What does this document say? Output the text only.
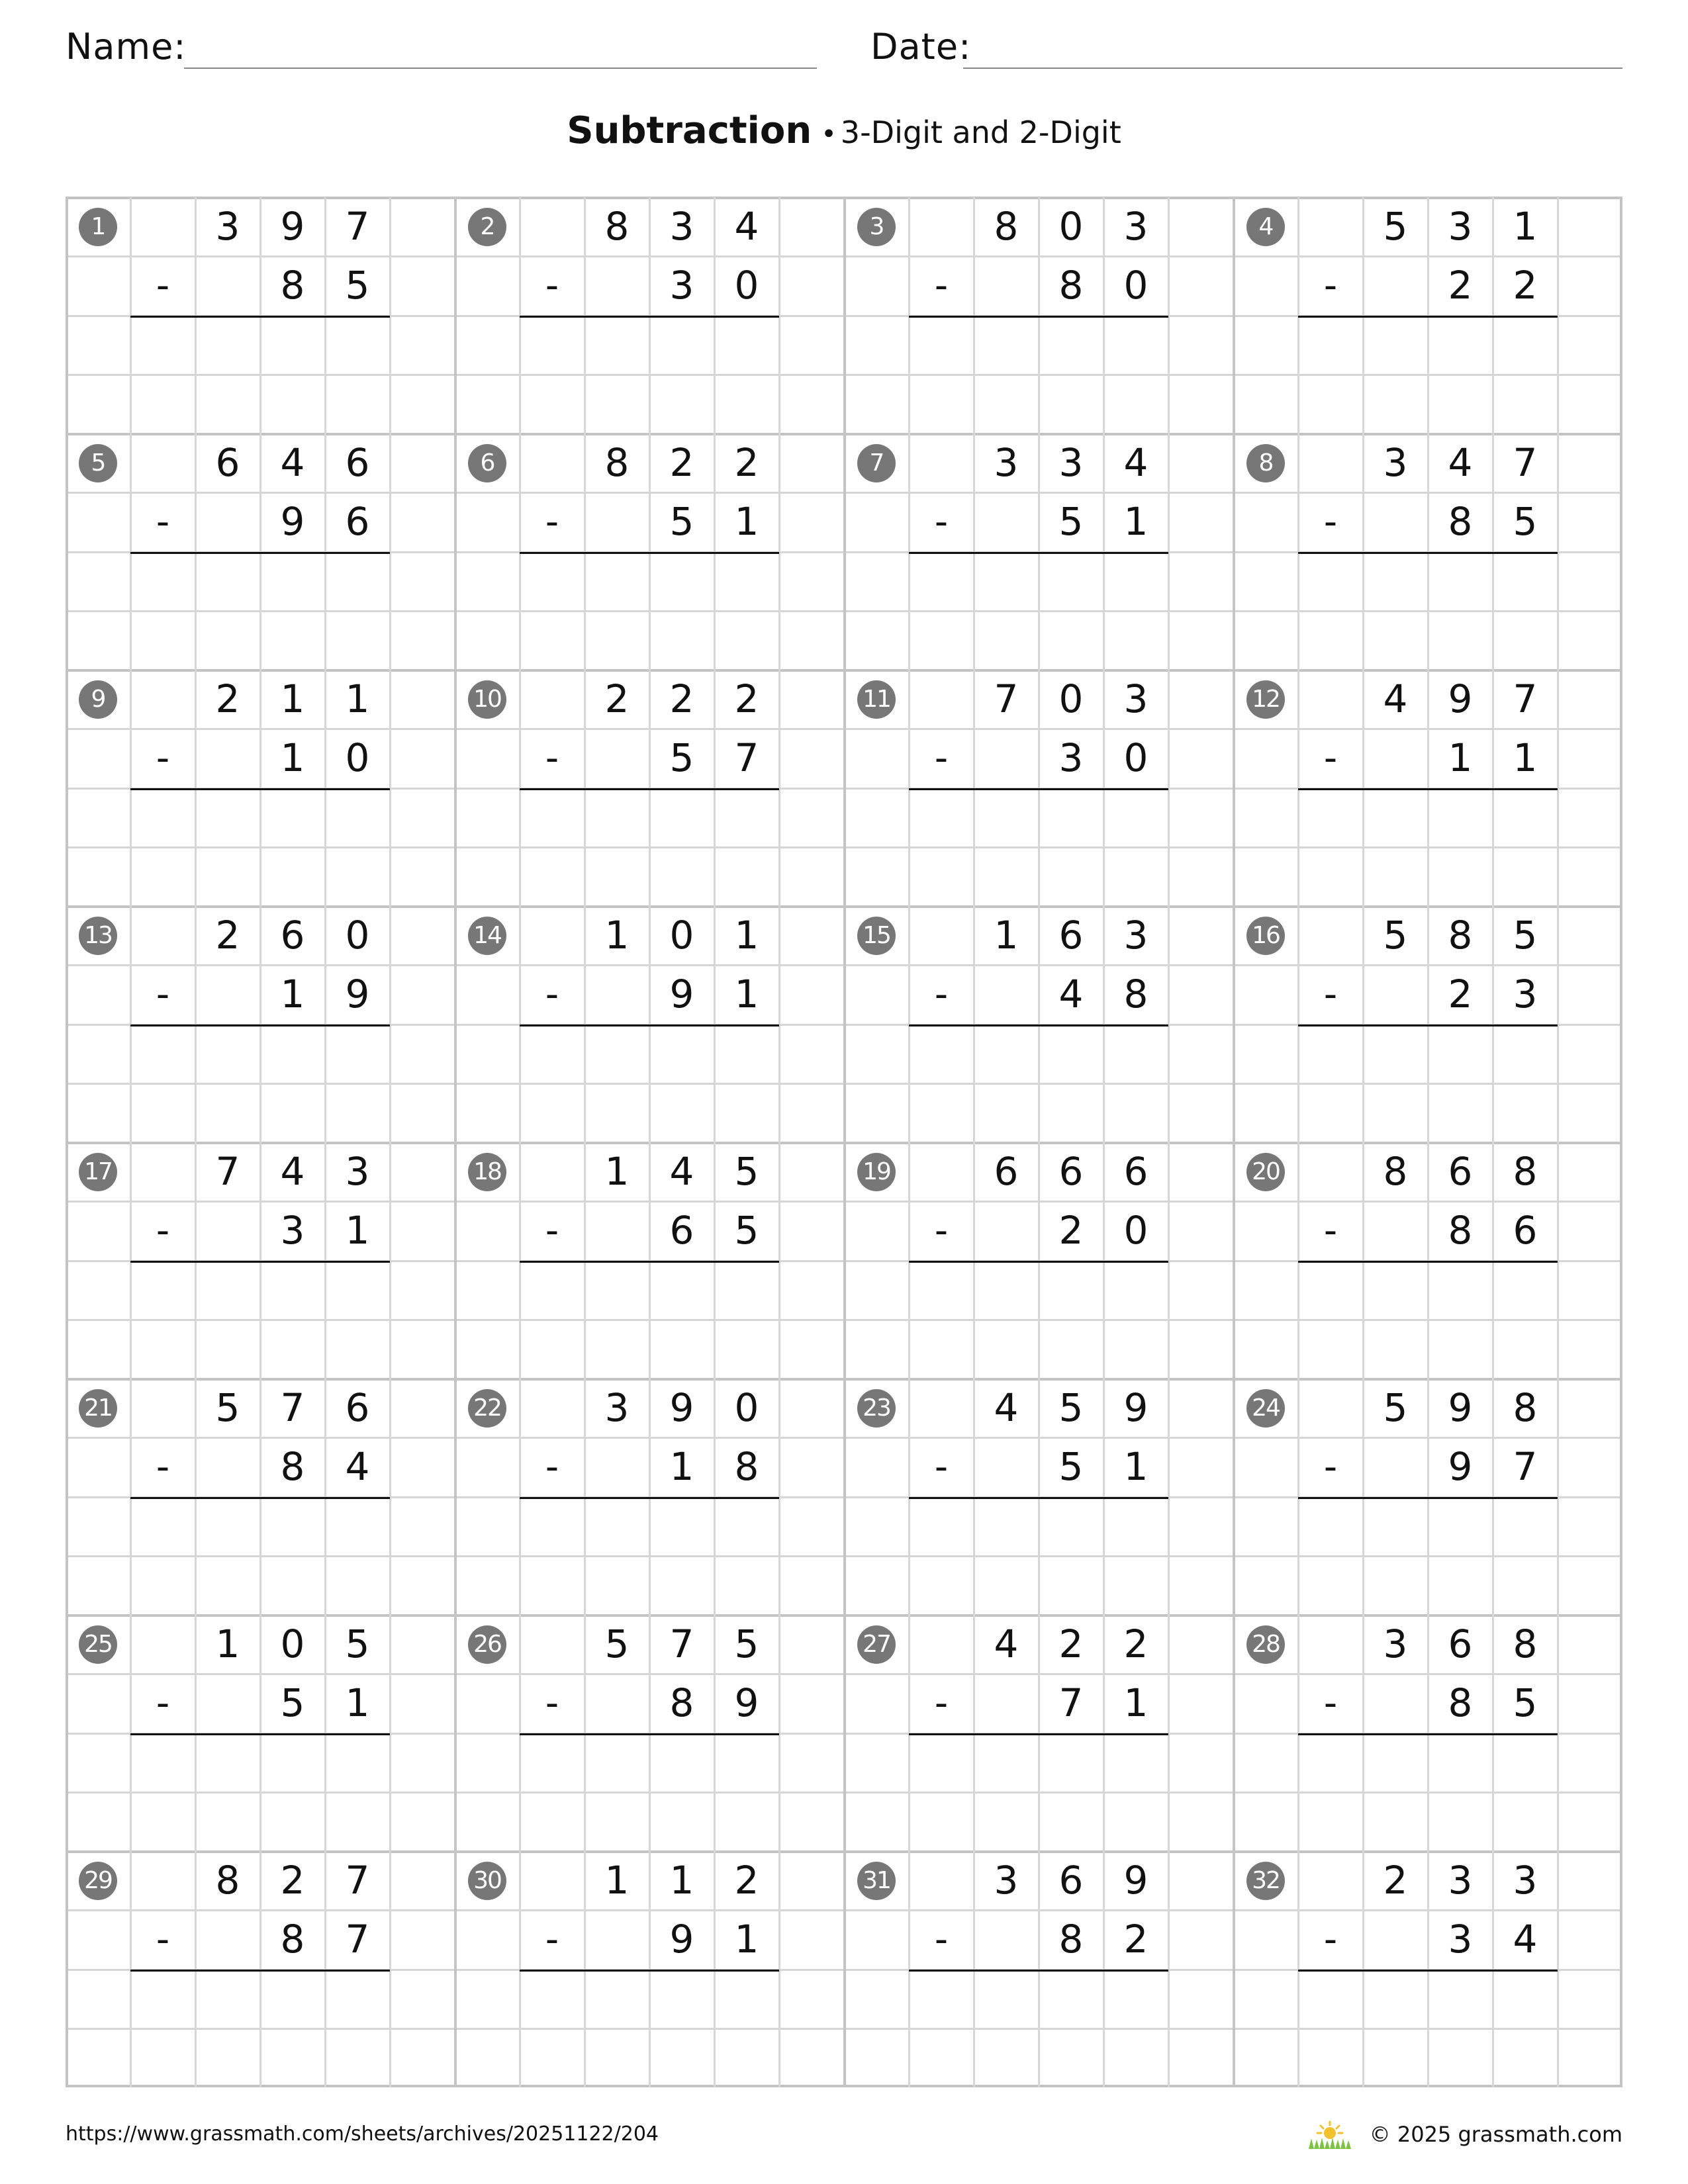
Name:	Date:
Subtraction • 3-Digit and 2-Digit
1	3	9	7
-	8	5
2	8	3	4
-	3	0
3	8	0	3
-	8	0
4	5	3	1
-	2	2
5	6	4	6
-	9	6
6	8	2	2
-	5	1
7	3	3	4
-	5	1
8	3	4	7
-	8	5
9	2	1	1
-	1	0
10	2	2	2
-	5	7
11	7	0	3
-	3	0
12	4	9	7
-	1	1
13	2	6	0
-	1	9
14	1	0	1
-	9	1
15	1	6	3
-	4	8
16	5	8	5
-	2	3
17	7	4	3
-	3	1
18	1	4	5
-	6	5
19	6	6	6
-	2	0
20	8	6	8
-	8	6
21	5	7	6
-	8	4
22	3	9	0
-	1	8
23	4	5	9
-	5	1
24	5	9	8
-	9	7
25	1	0	5
-	5	1
26	5	7	5
-	8	9
27	4	2	2
-	7	1
28	3	6	8
-	8	5
29	8	2	7
-	8	7
30	1	1	2
-	9	1
31	3	6	9
-	8	2
32	2	3	3
-	3	4
https://www.grassmath.com/sheets/archives/20251122/204	© 2025 grassmath.com
